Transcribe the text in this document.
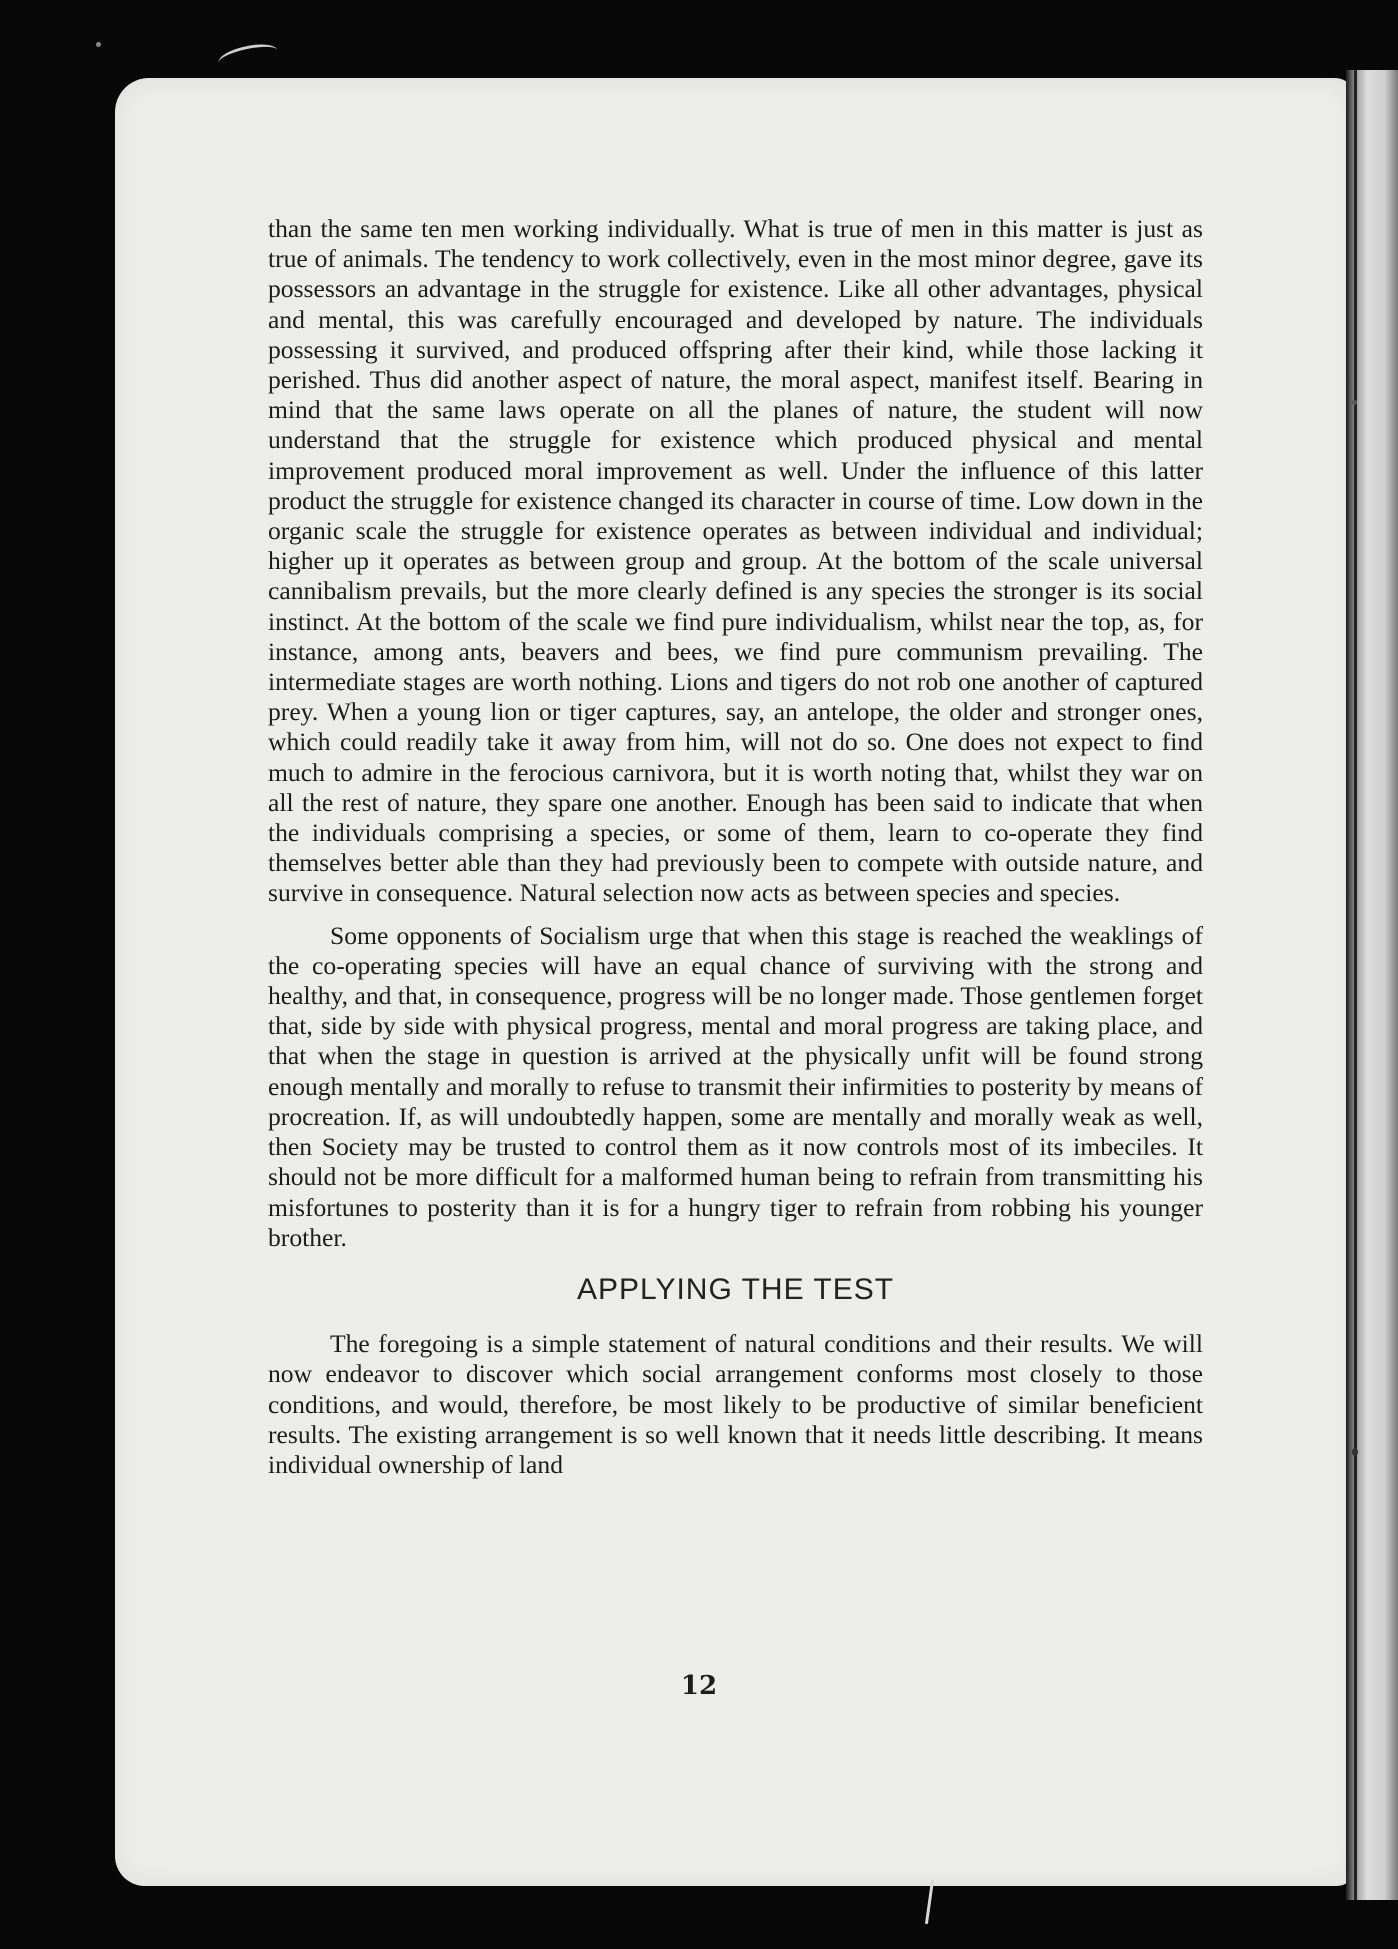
than the same ten men working individually. What is true of men in this matter is just as true of animals. The tendency to work collectively, even in the most minor degree, gave its possessors an advantage in the struggle for existence. Like all other advantages, physical and mental, this was carefully encouraged and developed by nature. The individuals possessing it survived, and produced offspring after their kind, while those lacking it perished. Thus did another aspect of nature, the moral aspect, manifest itself. Bearing in mind that the same laws operate on all the planes of nature, the student will now understand that the struggle for existence which produced physical and mental improvement produced moral improvement as well. Under the influence of this latter product the struggle for existence changed its character in course of time. Low down in the organic scale the struggle for existence operates as between individual and individual; higher up it operates as between group and group. At the bottom of the scale universal cannibalism prevails, but the more clearly defined is any species the stronger is its social instinct. At the bottom of the scale we find pure individualism, whilst near the top, as, for instance, among ants, beavers and bees, we find pure communism prevailing. The intermediate stages are worth nothing. Lions and tigers do not rob one another of captured prey. When a young lion or tiger captures, say, an antelope, the older and stronger ones, which could readily take it away from him, will not do so. One does not expect to find much to admire in the ferocious carnivora, but it is worth noting that, whilst they war on all the rest of nature, they spare one another. Enough has been said to indicate that when the individuals comprising a species, or some of them, learn to co-operate they find themselves better able than they had previously been to compete with outside nature, and survive in consequence. Natural selection now acts as between species and species.

Some opponents of Socialism urge that when this stage is reached the weaklings of the co-operating species will have an equal chance of surviving with the strong and healthy, and that, in consequence, progress will be no longer made. Those gentlemen forget that, side by side with physical progress, mental and moral progress are taking place, and that when the stage in question is arrived at the physically unfit will be found strong enough mentally and morally to refuse to transmit their infirmities to posterity by means of procreation. If, as will undoubtedly happen, some are mentally and morally weak as well, then Society may be trusted to control them as it now controls most of its imbeciles. It should not be more difficult for a malformed human being to refrain from transmitting his misfortunes to posterity than it is for a hungry tiger to refrain from robbing his younger brother.

APPLYING THE TEST

The foregoing is a simple statement of natural conditions and their results. We will now endeavor to discover which social arrangement conforms most closely to those conditions, and would, therefore, be most likely to be productive of similar beneficient results. The existing arrangement is so well known that it needs little describing. It means individual ownership of land

12
